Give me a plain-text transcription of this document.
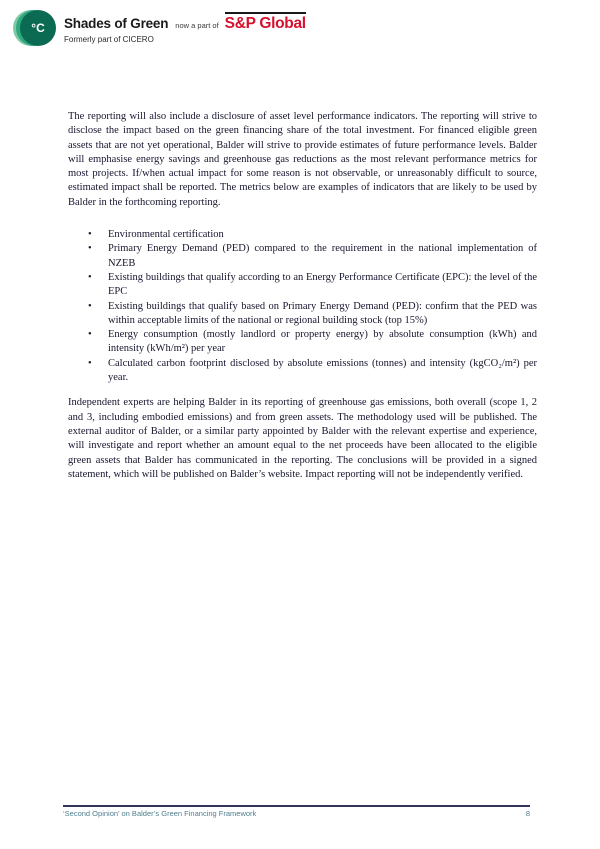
°C Shades of Green now a part of S&P Global
Formerly part of CICERO

The reporting will also include a disclosure of asset level performance indicators. The reporting will strive to disclose the impact based on the green financing share of the total investment. For financed eligible green assets that are not yet operational, Balder will strive to provide estimates of future performance levels. Balder will emphasise energy savings and greenhouse gas reductions as the most relevant performance metrics for most projects. If/when actual impact for some reason is not observable, or unreasonably difficult to source, estimated impact shall be reported. The metrics below are examples of indicators that are likely to be used by Balder in the forthcoming reporting.

•	Environmental certification
•	Primary Energy Demand (PED) compared to the requirement in the national implementation of NZEB
•	Existing buildings that qualify according to an Energy Performance Certificate (EPC): the level of the EPC
•	Existing buildings that qualify based on Primary Energy Demand (PED): confirm that the PED was within acceptable limits of the national or regional building stock (top 15%)
•	Energy consumption (mostly landlord or property energy) by absolute consumption (kWh) and intensity (kWh/m²) per year
•	Calculated carbon footprint disclosed by absolute emissions (tonnes) and intensity (kgCO₂/m²) per year.

Independent experts are helping Balder in its reporting of greenhouse gas emissions, both overall (scope 1, 2 and 3, including embodied emissions) and from green assets. The methodology used will be published. The external auditor of Balder, or a similar party appointed by Balder with the relevant expertise and experience, will investigate and report whether an amount equal to the net proceeds have been allocated to the eligible green assets that Balder has communicated in the reporting. The conclusions will be provided in a signed statement, which will be published on Balder’s website. Impact reporting will not be independently verified.

‘Second Opinion’ on Balder’s Green Financing Framework	8
